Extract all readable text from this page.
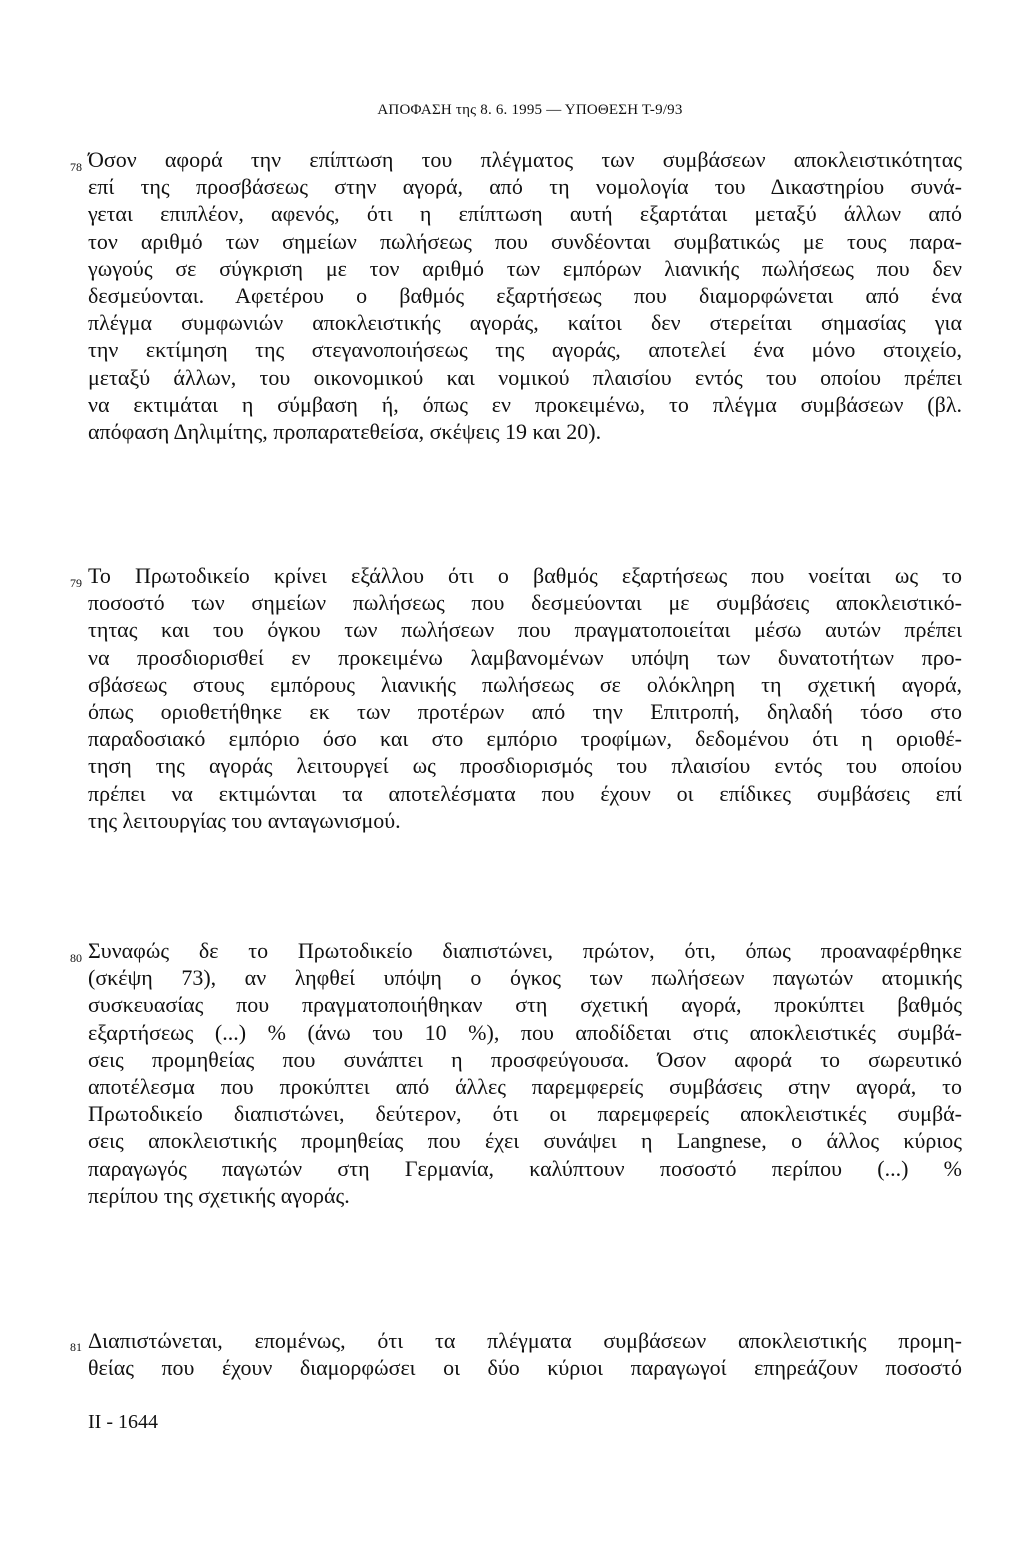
ΑΠΟΦΑΣΗ της 8. 6. 1995 — ΥΠΟΘΕΣΗ Τ-9/93
78 Όσον αφορά την επίπτωση του πλέγματος των συμβάσεων αποκλειστικότητας
επί της προσβάσεως στην αγορά, από τη νομολογία του Δικαστηρίου συνά-
γεται επιπλέον, αφενός, ότι η επίπτωση αυτή εξαρτάται μεταξύ άλλων από
τον αριθμό των σημείων πωλήσεως που συνδέονται συμβατικώς με τους παρα-
γωγούς σε σύγκριση με τον αριθμό των εμπόρων λιανικής πωλήσεως που δεν
δεσμεύονται. Αφετέρου ο βαθμός εξαρτήσεως που διαμορφώνεται από ένα
πλέγμα συμφωνιών αποκλειστικής αγοράς, καίτοι δεν στερείται σημασίας για
την εκτίμηση της στεγανοποιήσεως της αγοράς, αποτελεί ένα μόνο στοιχείο,
μεταξύ άλλων, του οικονομικού και νομικού πλαισίου εντός του οποίου πρέπει
να εκτιμάται η σύμβαση ή, όπως εν προκειμένω, το πλέγμα συμβάσεων (βλ.
απόφαση Δηλιμίτης, προπαρατεθείσα, σκέψεις 19 και 20).
79 Το Πρωτοδικείο κρίνει εξάλλου ότι ο βαθμός εξαρτήσεως που νοείται ως το
ποσοστό των σημείων πωλήσεως που δεσμεύονται με συμβάσεις αποκλειστικό-
τητας και του όγκου των πωλήσεων που πραγματοποιείται μέσω αυτών πρέπει
να προσδιορισθεί εν προκειμένω λαμβανομένων υπόψη των δυνατοτήτων προ-
σβάσεως στους εμπόρους λιανικής πωλήσεως σε ολόκληρη τη σχετική αγορά,
όπως οριοθετήθηκε εκ των προτέρων από την Επιτροπή, δηλαδή τόσο στο
παραδοσιακό εμπόριο όσο και στο εμπόριο τροφίμων, δεδομένου ότι η οριοθέ-
τηση της αγοράς λειτουργεί ως προσδιορισμός του πλαισίου εντός του οποίου
πρέπει να εκτιμώνται τα αποτελέσματα που έχουν οι επίδικες συμβάσεις επί
της λειτουργίας του ανταγωνισμού.
80 Συναφώς δε το Πρωτοδικείο διαπιστώνει, πρώτον, ότι, όπως προαναφέρθηκε
(σκέψη 73), αν ληφθεί υπόψη ο όγκος των πωλήσεων παγωτών ατομικής
συσκευασίας που πραγματοποιήθηκαν στη σχετική αγορά, προκύπτει βαθμός
εξαρτήσεως (...) % (άνω του 10 %), που αποδίδεται στις αποκλειστικές συμβά-
σεις προμηθείας που συνάπτει η προσφεύγουσα. Όσον αφορά το σωρευτικό
αποτέλεσμα που προκύπτει από άλλες παρεμφερείς συμβάσεις στην αγορά, το
Πρωτοδικείο διαπιστώνει, δεύτερον, ότι οι παρεμφερείς αποκλειστικές συμβά-
σεις αποκλειστικής προμηθείας που έχει συνάψει η Langnese, ο άλλος κύριος
παραγωγός παγωτών στη Γερμανία, καλύπτουν ποσοστό περίπου (...) %
περίπου της σχετικής αγοράς.
81 Διαπιστώνεται, επομένως, ότι τα πλέγματα συμβάσεων αποκλειστικής προμη-
θείας που έχουν διαμορφώσει οι δύο κύριοι παραγωγοί επηρεάζουν ποσοστό
II - 1644
